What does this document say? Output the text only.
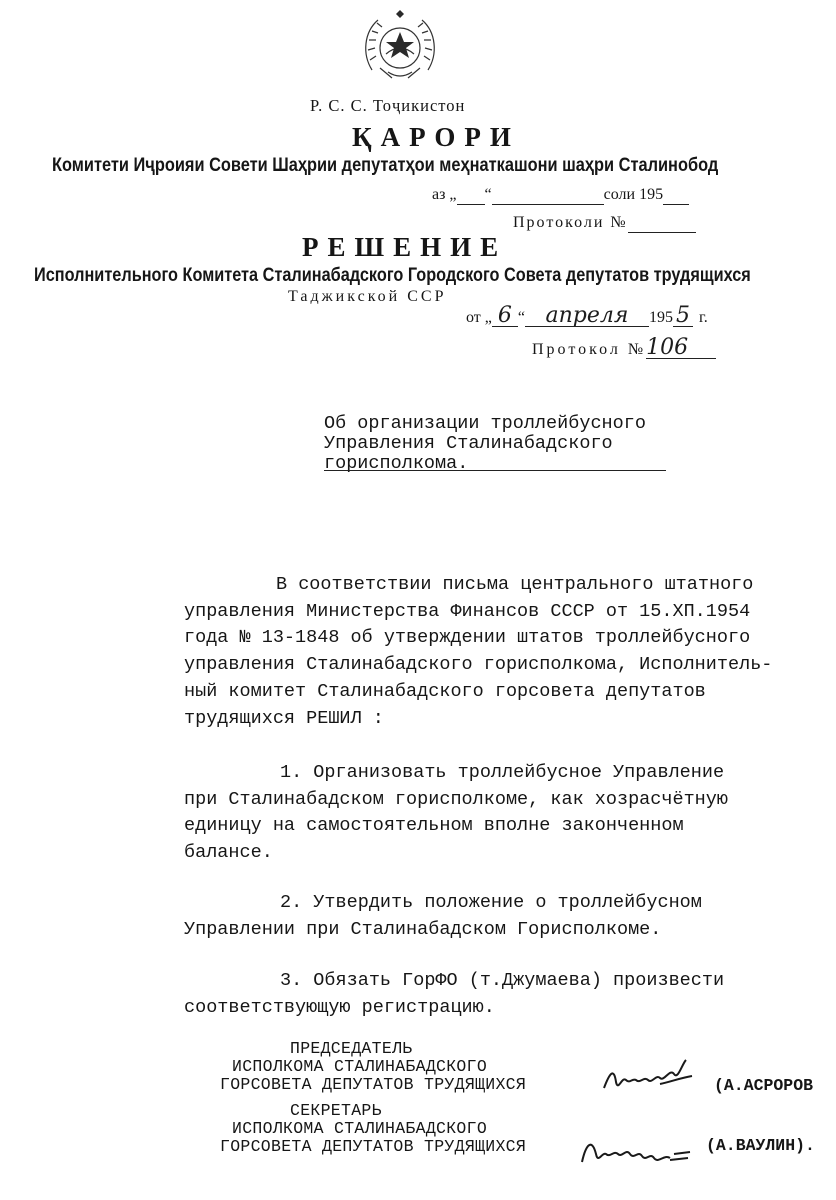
Р. С. С. Тоҷикистон
ҚАРОРИ
Комитети Иҷроияи Совети Шаҳрии депутатҳои меҳнаткашони шаҳри Сталинобод
аз „ “	соли 195
Протоколи №
РЕШЕНИЕ
Исполнительного Комитета Сталинабадского Городского Совета депутатов трудящихся
Таджикской ССР
от „ 6 “ апреля 195 5 г.
Протокол №106
Об организации троллейбусного
Управления Сталинабадского
горисполкома.
В соответствии письма центрального штатного
управления Министерства Финансов СССР от 15.ХП.1954
года № 13-1848 об утверждении штатов троллейбусного
управления Сталинабадского горисполкома, Исполнитель-
ный комитет Сталинабадского горсовета депутатов
трудящихся РЕШИЛ :
1. Организовать троллейбусное Управление
при Сталинабадском горисполкоме, как хозрасчётную
единицу на самостоятельном вполне законченном
балансе.
2. Утвердить положение о троллейбусном
Управлении при Сталинабадском Горисполкоме.
3. Обязать ГорФО (т.Джумаева) произвести
соответствующую регистрацию.
ПРЕДСЕДАТЕЛЬ
ИСПОЛКОМА СТАЛИНАБАДСКОГО
ГОРСОВЕТА ДЕПУТАТОВ ТРУДЯЩИХСЯ	(А.АСРОРОВ
СЕКРЕТАРЬ
ИСПОЛКОМА СТАЛИНАБАДСКОГО
ГОРСОВЕТА ДЕПУТАТОВ ТРУДЯЩИХСЯ	(А.ВАУЛИН).
